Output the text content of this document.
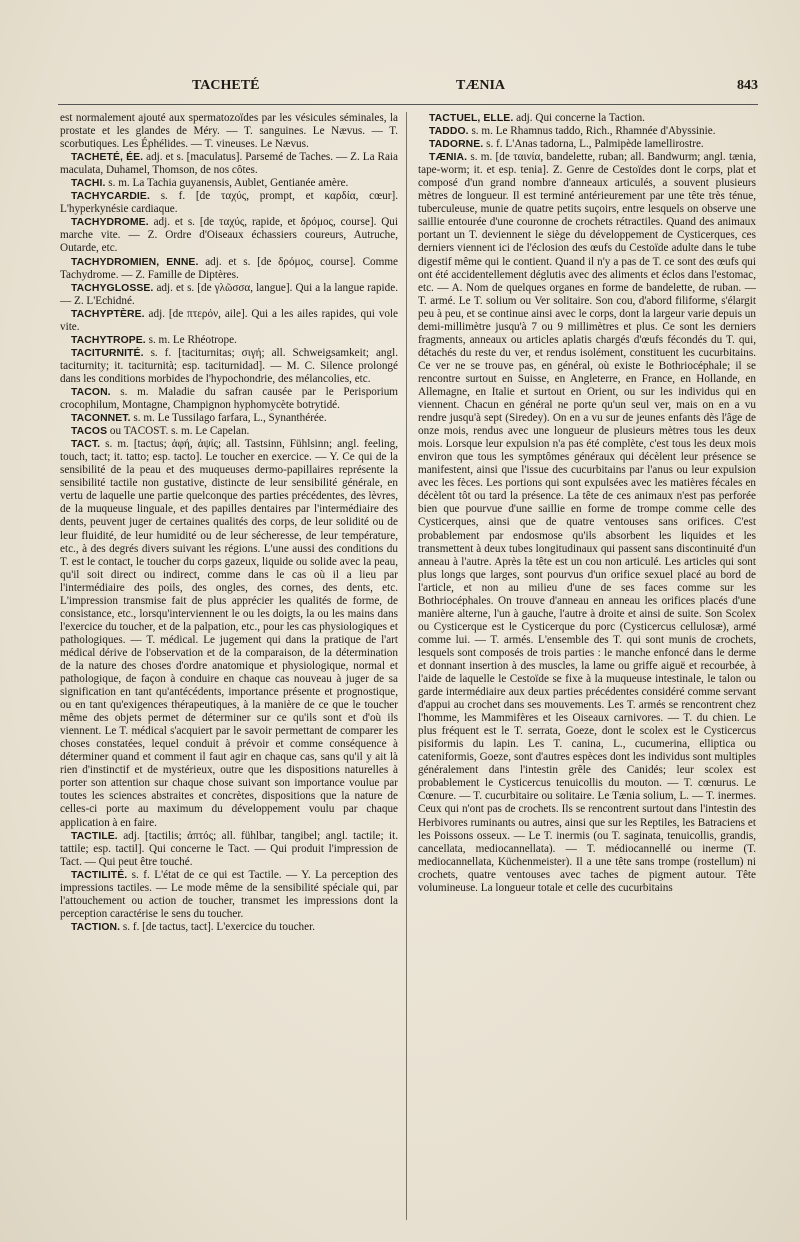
TACHETÉ	TÆNIA	843

est normalement ajouté aux spermatozoïdes par les vésicules séminales, la prostate et les glandes de Méry. — T. sanguines. Le Nævus. — T. scorbutiques. Les Éphélides. — T. vineuses. Le Nævus.

TACHETÉ, ÉE. adj. et s. [maculatus]. Parsemé de Taches. — Z. La Raia maculata, Duhamel, Thomson, de nos côtes.

TACHI. s. m. La Tachia guyanensis, Aublet, Gentianée amère.

TACHYCARDIE. s. f. [de ταχύς, prompt, et καρδία, cœur]. L'hyperkynésie cardiaque.

TACHYDROME. adj. et s. [de ταχύς, rapide, et δρόμος, course]. Qui marche vite. — Z. Ordre d'Oiseaux échassiers coureurs, Autruche, Outarde, etc.

TACHYDROMIEN, ENNE. adj. et s. [de δρόμος, course]. Comme Tachydrome. — Z. Famille de Diptères.

TACHYGLOSSE. adj. et s. [de γλῶσσα, langue]. Qui a la langue rapide. — Z. L'Echidné.

TACHYPTÈRE. adj. [de πτερόν, aile]. Qui a les ailes rapides, qui vole vite.

TACHYTROPE. s. m. Le Rhéotrope.

TACITURNITÉ. s. f. [taciturnitas; σιγή; all. Schweigsamkeit; angl. taciturnity; it. taciturnità; esp. taciturnidad]. — M. C. Silence prolongé dans les conditions morbides de l'hypochondrie, des mélancolies, etc.

TACON. s. m. Maladie du safran causée par le Perisporium crocophilum, Montagne, Champignon hyphomycète botrytidé.

TACONNET. s. m. Le Tussilago farfara, L., Synanthérée.

TACOS ou TACOST. s. m. Le Capelan.

TACT. s. m. [tactus; ἁφή, ἀψίς; all. Tastsinn, Fühlsinn; angl. feeling, touch, tact; it. tatto; esp. tacto]. Le toucher en exercice. — Y. Ce qui de la sensibilité de la peau et des muqueuses dermo-papillaires représente la sensibilité tactile non gustative, distincte de leur sensibilité générale, en vertu de laquelle une partie quelconque des parties précédentes, des lèvres, de la muqueuse linguale, et des papilles dentaires par l'intermédiaire des dents, peuvent juger de certaines qualités des corps, de leur solidité ou de leur fluidité, de leur humidité ou de leur sécheresse, de leur température, etc., à des degrés divers suivant les régions. L'une aussi des conditions du T. est le contact, le toucher du corps gazeux, liquide ou solide avec la peau, qu'il soit direct ou indirect, comme dans le cas où il a lieu par l'intermédiaire des poils, des ongles, des cornes, des dents, etc. L'impression transmise fait de plus apprécier les qualités de forme, de consistance, etc., lorsqu'interviennent le ou les doigts, la ou les mains dans l'exercice du toucher, et de la palpation, etc., pour les cas physiologiques et pathologiques. — T. médical. Le jugement qui dans la pratique de l'art médical dérive de l'observation et de la comparaison, de la détermination de la nature des choses d'ordre anatomique et physiologique, normal et pathologique, de façon à conduire en chaque cas nouveau à juger de sa signification en tant qu'antécédents, importance présente et prognostique, ou en tant qu'exigences thérapeutiques, à la manière de ce que le toucher même des objets permet de déterminer sur ce qu'ils sont et d'où ils viennent. Le T. médical s'acquiert par le savoir permettant de comparer les choses constatées, lequel conduit à prévoir et comme conséquence à déterminer quand et comment il faut agir en chaque cas, sans qu'il y ait là rien d'instinctif et de mystérieux, outre que les dispositions naturelles à porter son attention sur chaque chose suivant son importance voulue par toutes les sciences abstraites et concrètes, dispositions que la nature de celles-ci porte au maximum du développement voulu par chaque application à en faire.

TACTILE. adj. [tactilis; ἁπτός; all. fühlbar, tangibel; angl. tactile; it. tattile; esp. tactil]. Qui concerne le Tact. — Qui produit l'impression de Tact. — Qui peut être touché.

TACTILITÉ. s. f. L'état de ce qui est Tactile. — Y. La perception des impressions tactiles. — Le mode même de la sensibilité spéciale qui, par l'attouchement ou action de toucher, transmet les impressions dont la perception caractérise le sens du toucher.

TACTION. s. f. [de tactus, tact]. L'exercice du toucher.

TACTUEL, ELLE. adj. Qui concerne la Taction.

TADDO. s. m. Le Rhamnus taddo, Rich., Rhamnée d'Abyssinie.

TADORNE. s. f. L'Anas tadorna, L., Palmipède lamellirostre.

TÆNIA. s. m. [de ταινία, bandelette, ruban; all. Bandwurm; angl. tænia, tape-worm; it. et esp. tenia]. Z. Genre de Cestoïdes dont le corps, plat et composé d'un grand nombre d'anneaux articulés, a souvent plusieurs mètres de longueur. Il est terminé antérieurement par une tête très ténue, tuberculeuse, munie de quatre petits suçoirs, entre lesquels on observe une saillie entourée d'une couronne de crochets rétractiles. Quand des animaux portant un T. deviennent le siège du développement de Cysticerques, ces derniers viennent ici de l'éclosion des œufs du Cestoïde adulte dans le tube digestif même qui le contient. Quand il n'y a pas de T. ce sont des œufs qui ont été accidentellement déglutis avec des aliments et éclos dans l'estomac, etc. — A. Nom de quelques organes en forme de bandelette, de ruban. — T. armé. Le T. solium ou Ver solitaire. Son cou, d'abord filiforme, s'élargit peu à peu, et se continue ainsi avec le corps, dont la largeur varie depuis un demi-millimètre jusqu'à 7 ou 9 millimètres et plus. Ce sont les derniers fragments, anneaux ou articles aplatis chargés d'œufs fécondés du T. qui, détachés du reste du ver, et rendus isolément, constituent les cucurbitains. Ce ver ne se trouve pas, en général, où existe le Bothriocéphale; il se rencontre surtout en Suisse, en Angleterre, en France, en Hollande, en Allemagne, en Italie et surtout en Orient, ou sur les individus qui en viennent. Chacun en général ne porte qu'un seul ver, mais on en a vu rendre jusqu'à sept (Siredey). On en a vu sur de jeunes enfants dès l'âge de onze mois, rendus avec une longueur de plusieurs mètres tous les deux mois. Lorsque leur expulsion n'a pas été complète, c'est tous les deux mois environ que tous les symptômes généraux qui décèlent leur présence se manifestent, ainsi que l'issue des cucurbitains par l'anus ou leur expulsion avec les fèces. Les portions qui sont expulsées avec les matières fécales en décèlent tôt ou tard la présence. La tête de ces animaux n'est pas perforée bien que pourvue d'une saillie en forme de trompe comme celle des Cysticerques, ainsi que de quatre ventouses sans orifices. C'est probablement par endosmose qu'ils absorbent les liquides et les transmettent à deux tubes longitudinaux qui passent sans discontinuité d'un anneau à l'autre. Après la tête est un cou non articulé. Les articles qui sont plus longs que larges, sont pourvus d'un orifice sexuel placé au bord de l'article, et non au milieu d'une de ses faces comme sur les Bothriocéphales. On trouve d'anneau en anneau les orifices placés d'une manière alterne, l'un à gauche, l'autre à droite et ainsi de suite. Son Scolex ou Cysticerque est le Cysticerque du porc (Cysticercus cellulosæ), armé comme lui. — T. armés. L'ensemble des T. qui sont munis de crochets, lesquels sont composés de trois parties : le manche enfoncé dans le derme et donnant insertion à des muscles, la lame ou griffe aiguë et recourbée, à l'aide de laquelle le Cestoïde se fixe à la muqueuse intestinale, le talon ou garde intermédiaire aux deux parties précédentes considéré comme servant d'appui au crochet dans ses mouvements. Les T. armés se rencontrent chez l'homme, les Mammifères et les Oiseaux carnivores. — T. du chien. Le plus fréquent est le T. serrata, Goeze, dont le scolex est le Cysticercus pisiformis du lapin. Les T. canina, L., cucumerina, elliptica ou cateniformis, Goeze, sont d'autres espèces dont les individus sont multiples généralement dans l'intestin grêle des Canidés; leur scolex est probablement le Cysticercus tenuicollis du mouton. — T. cœnurus. Le Cœnure. — T. cucurbitaire ou solitaire. Le Tænia solium, L. — T. inermes. Ceux qui n'ont pas de crochets. Ils se rencontrent surtout dans l'intestin des Herbivores ruminants ou autres, ainsi que sur les Reptiles, les Batraciens et les Poissons osseux. — Le T. inermis (ou T. saginata, tenuicollis, grandis, cancellata, mediocannellata). — T. médiocannellé ou inerme (T. mediocannellata, Küchenmeister). Il a une tête sans trompe (rostellum) ni crochets, quatre ventouses avec taches de pigment autour. Tête volumineuse. La longueur totale et celle des cucurbitains
